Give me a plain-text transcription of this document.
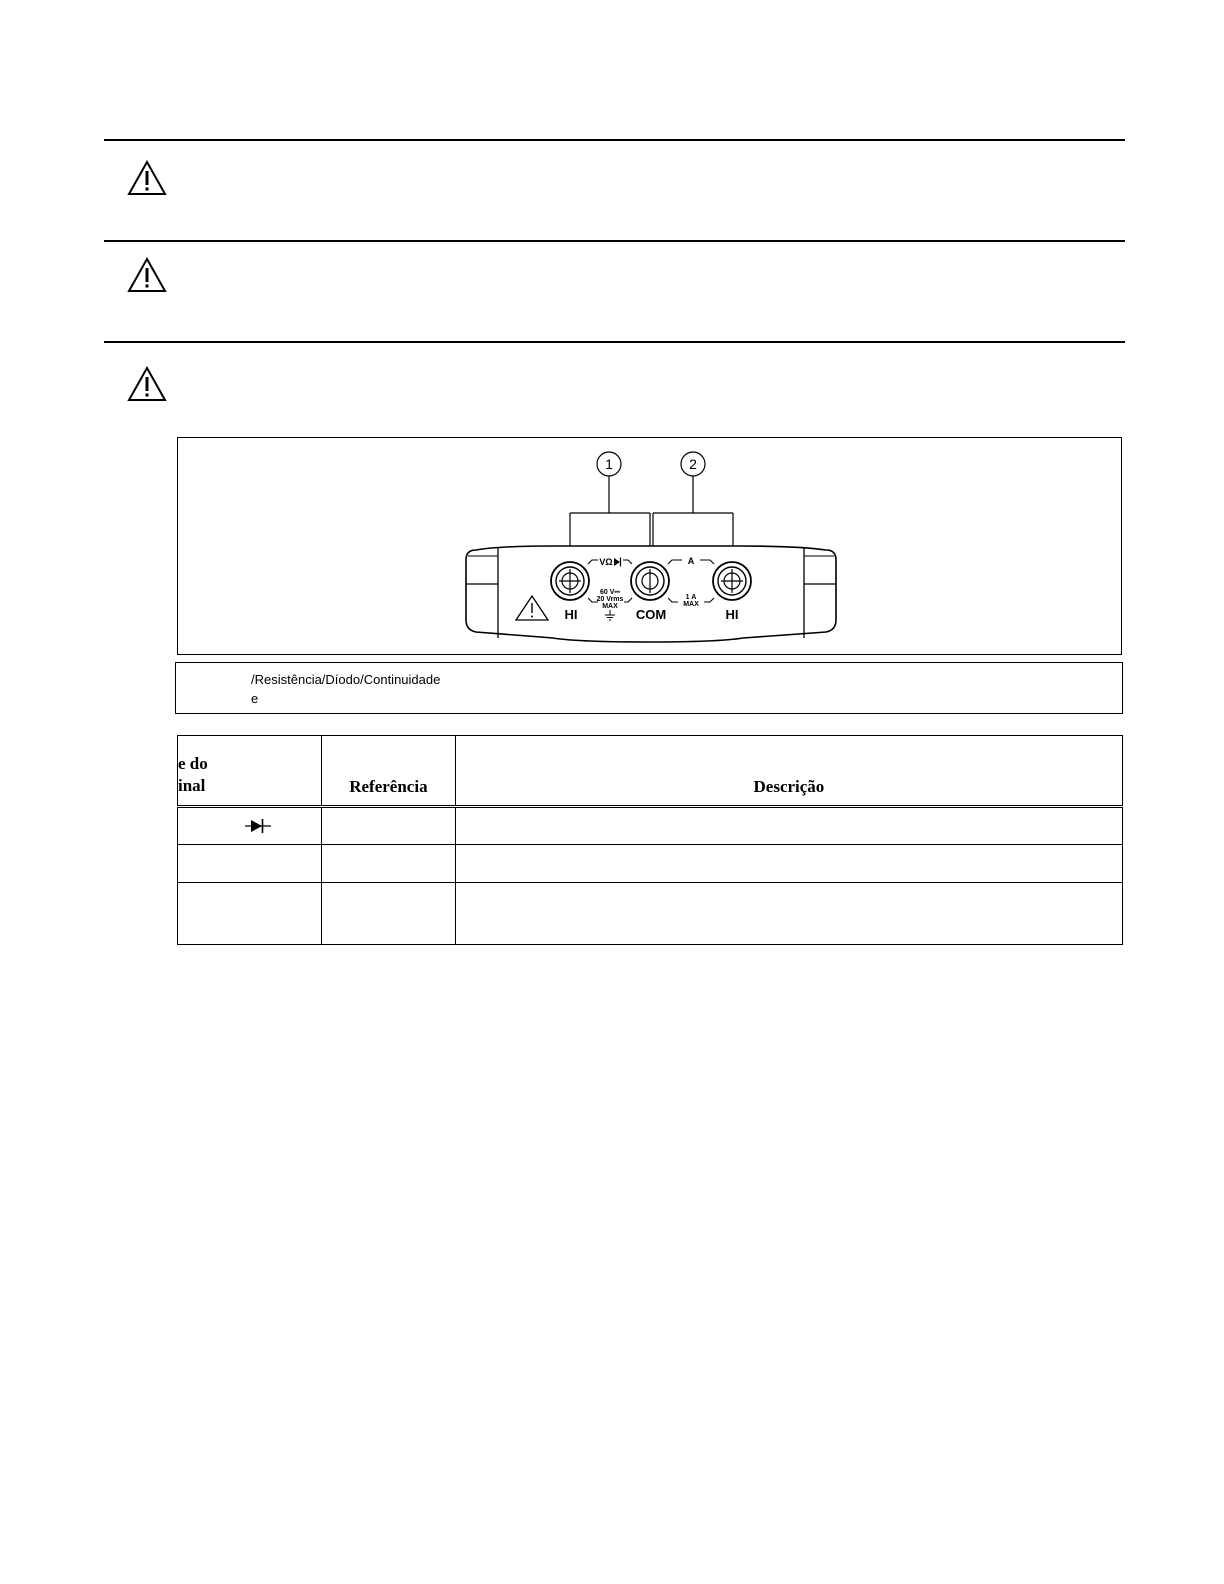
1	2
VΩ
60 V⎓
20 Vrms
MAX
A
1 A
MAX
HI	COM	HI
/Resistência/Díodo/Continuidade
e
e do
inal	Referência	Descrição
